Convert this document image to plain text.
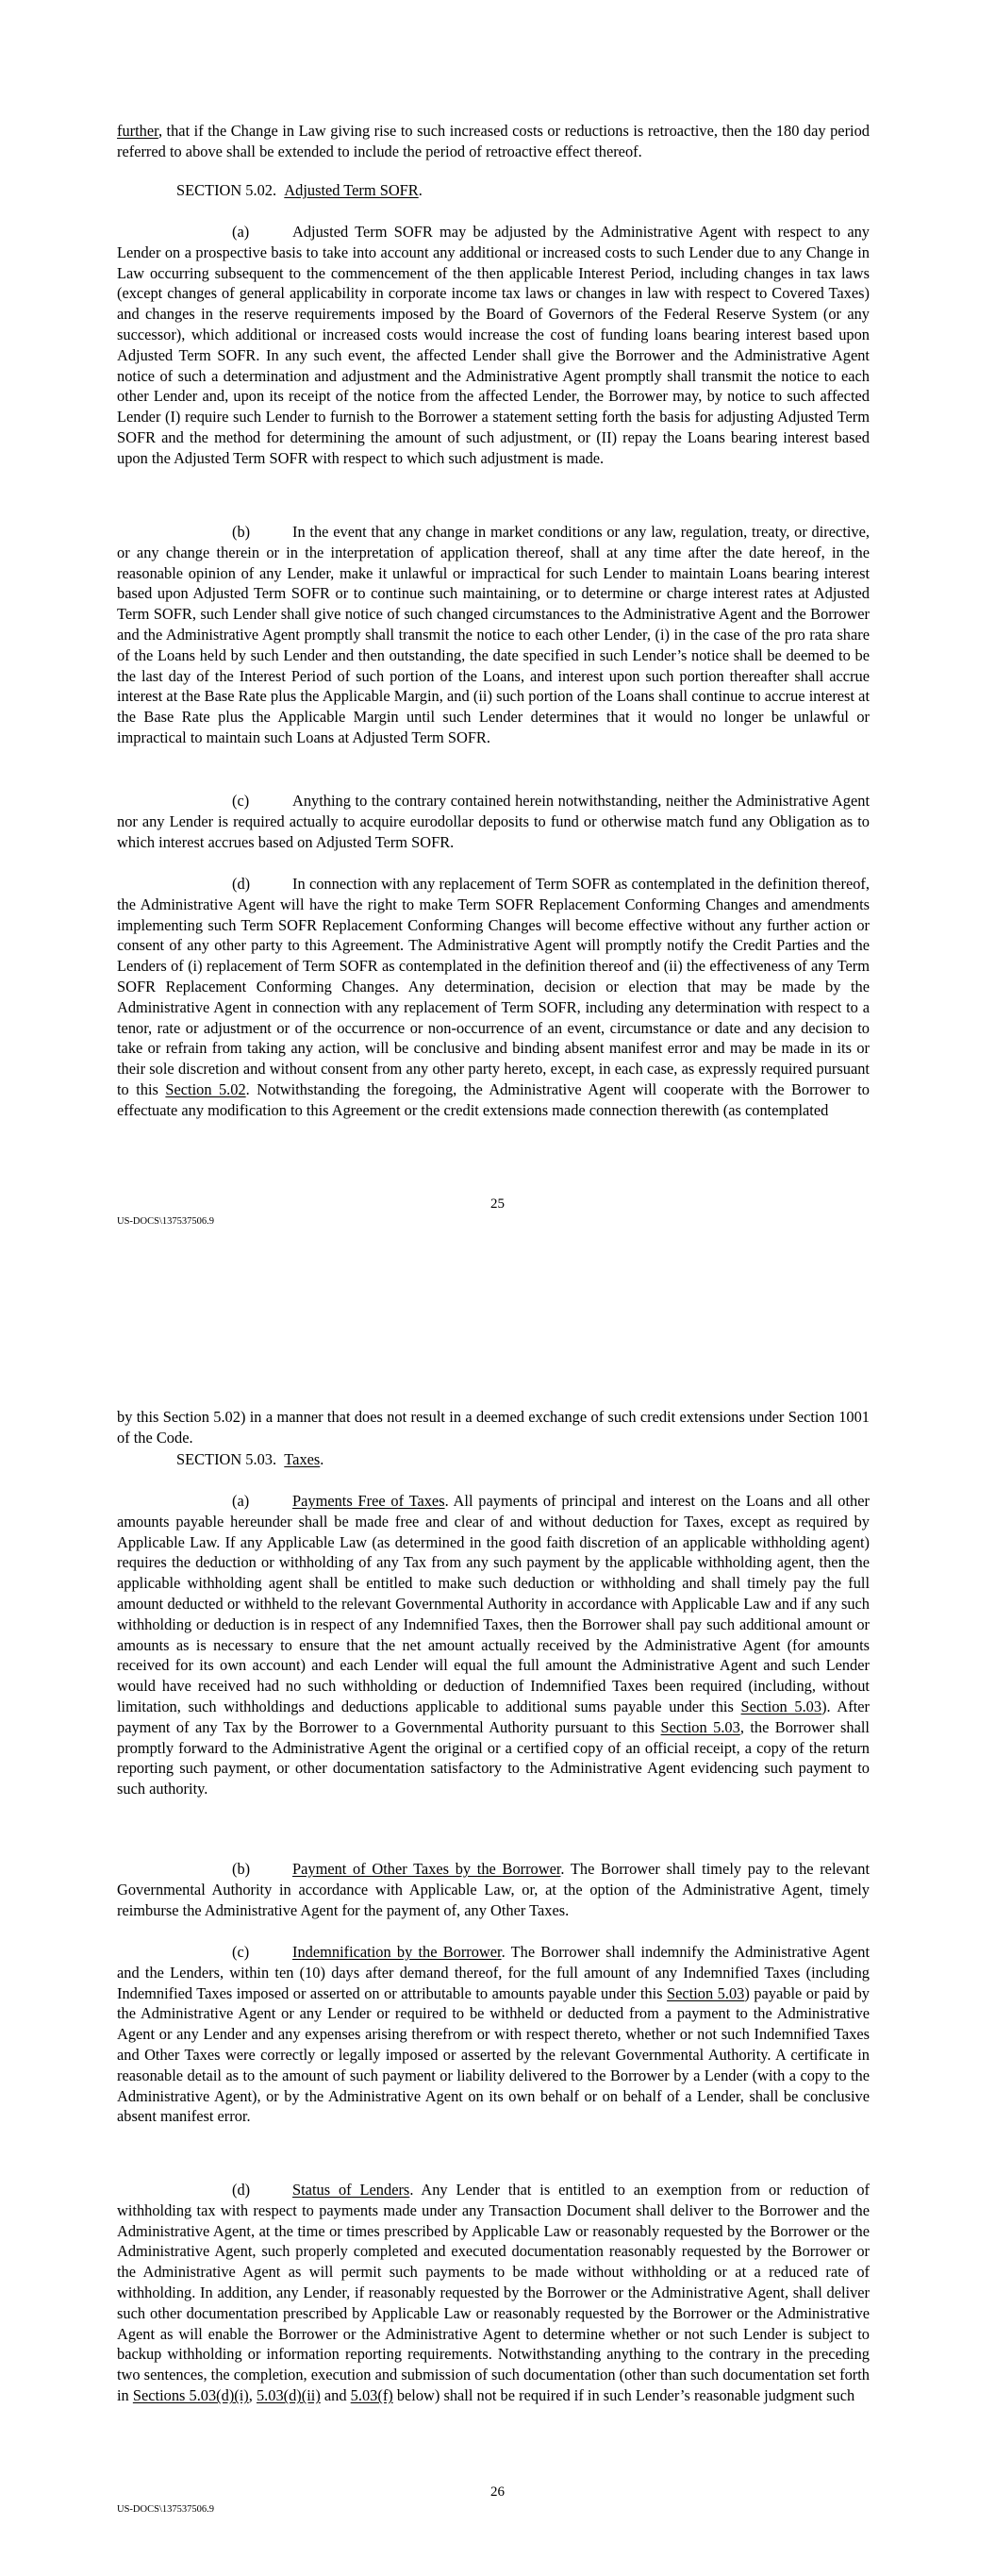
further, that if the Change in Law giving rise to such increased costs or reductions is retroactive, then the 180 day period referred to above shall be extended to include the period of retroactive effect thereof.

SECTION 5.02. Adjusted Term SOFR.

(a)	Adjusted Term SOFR may be adjusted by the Administrative Agent with respect to any Lender on a prospective basis to take into account any additional or increased costs to such Lender due to any Change in Law occurring subsequent to the commencement of the then applicable Interest Period, including changes in tax laws (except changes of general applicability in corporate income tax laws or changes in law with respect to Covered Taxes) and changes in the reserve requirements imposed by the Board of Governors of the Federal Reserve System (or any successor), which additional or increased costs would increase the cost of funding loans bearing interest based upon Adjusted Term SOFR. In any such event, the affected Lender shall give the Borrower and the Administrative Agent notice of such a determination and adjustment and the Administrative Agent promptly shall transmit the notice to each other Lender and, upon its receipt of the notice from the affected Lender, the Borrower may, by notice to such affected Lender (I) require such Lender to furnish to the Borrower a statement setting forth the basis for adjusting Adjusted Term SOFR and the method for determining the amount of such adjustment, or (II) repay the Loans bearing interest based upon the Adjusted Term SOFR with respect to which such adjustment is made.

(b)	In the event that any change in market conditions or any law, regulation, treaty, or directive, or any change therein or in the interpretation of application thereof, shall at any time after the date hereof, in the reasonable opinion of any Lender, make it unlawful or impractical for such Lender to maintain Loans bearing interest based upon Adjusted Term SOFR or to continue such maintaining, or to determine or charge interest rates at Adjusted Term SOFR, such Lender shall give notice of such changed circumstances to the Administrative Agent and the Borrower and the Administrative Agent promptly shall transmit the notice to each other Lender, (i) in the case of the pro rata share of the Loans held by such Lender and then outstanding, the date specified in such Lender’s notice shall be deemed to be the last day of the Interest Period of such portion of the Loans, and interest upon such portion thereafter shall accrue interest at the Base Rate plus the Applicable Margin, and (ii) such portion of the Loans shall continue to accrue interest at the Base Rate plus the Applicable Margin until such Lender determines that it would no longer be unlawful or impractical to maintain such Loans at Adjusted Term SOFR.

(c)	Anything to the contrary contained herein notwithstanding, neither the Administrative Agent nor any Lender is required actually to acquire eurodollar deposits to fund or otherwise match fund any Obligation as to which interest accrues based on Adjusted Term SOFR.

(d)	In connection with any replacement of Term SOFR as contemplated in the definition thereof, the Administrative Agent will have the right to make Term SOFR Replacement Conforming Changes and amendments implementing such Term SOFR Replacement Conforming Changes will become effective without any further action or consent of any other party to this Agreement. The Administrative Agent will promptly notify the Credit Parties and the Lenders of (i) replacement of Term SOFR as contemplated in the definition thereof and (ii) the effectiveness of any Term SOFR Replacement Conforming Changes. Any determination, decision or election that may be made by the Administrative Agent in connection with any replacement of Term SOFR, including any determination with respect to a tenor, rate or adjustment or of the occurrence or non-occurrence of an event, circumstance or date and any decision to take or refrain from taking any action, will be conclusive and binding absent manifest error and may be made in its or their sole discretion and without consent from any other party hereto, except, in each case, as expressly required pursuant to this Section 5.02. Notwithstanding the foregoing, the Administrative Agent will cooperate with the Borrower to effectuate any modification to this Agreement or the credit extensions made connection therewith (as contemplated

25
US-DOCS\137537506.9

by this Section 5.02) in a manner that does not result in a deemed exchange of such credit extensions under Section 1001 of the Code.

SECTION 5.03. Taxes.

(a)	Payments Free of Taxes. All payments of principal and interest on the Loans and all other amounts payable hereunder shall be made free and clear of and without deduction for Taxes, except as required by Applicable Law. If any Applicable Law (as determined in the good faith discretion of an applicable withholding agent) requires the deduction or withholding of any Tax from any such payment by the applicable withholding agent, then the applicable withholding agent shall be entitled to make such deduction or withholding and shall timely pay the full amount deducted or withheld to the relevant Governmental Authority in accordance with Applicable Law and if any such withholding or deduction is in respect of any Indemnified Taxes, then the Borrower shall pay such additional amount or amounts as is necessary to ensure that the net amount actually received by the Administrative Agent (for amounts received for its own account) and each Lender will equal the full amount the Administrative Agent and such Lender would have received had no such withholding or deduction of Indemnified Taxes been required (including, without limitation, such withholdings and deductions applicable to additional sums payable under this Section 5.03). After payment of any Tax by the Borrower to a Governmental Authority pursuant to this Section 5.03, the Borrower shall promptly forward to the Administrative Agent the original or a certified copy of an official receipt, a copy of the return reporting such payment, or other documentation satisfactory to the Administrative Agent evidencing such payment to such authority.

(b)	Payment of Other Taxes by the Borrower. The Borrower shall timely pay to the relevant Governmental Authority in accordance with Applicable Law, or, at the option of the Administrative Agent, timely reimburse the Administrative Agent for the payment of, any Other Taxes.

(c)	Indemnification by the Borrower. The Borrower shall indemnify the Administrative Agent and the Lenders, within ten (10) days after demand thereof, for the full amount of any Indemnified Taxes (including Indemnified Taxes imposed or asserted on or attributable to amounts payable under this Section 5.03) payable or paid by the Administrative Agent or any Lender or required to be withheld or deducted from a payment to the Administrative Agent or any Lender and any expenses arising therefrom or with respect thereto, whether or not such Indemnified Taxes and Other Taxes were correctly or legally imposed or asserted by the relevant Governmental Authority. A certificate in reasonable detail as to the amount of such payment or liability delivered to the Borrower by a Lender (with a copy to the Administrative Agent), or by the Administrative Agent on its own behalf or on behalf of a Lender, shall be conclusive absent manifest error.

(d)	Status of Lenders. Any Lender that is entitled to an exemption from or reduction of withholding tax with respect to payments made under any Transaction Document shall deliver to the Borrower and the Administrative Agent, at the time or times prescribed by Applicable Law or reasonably requested by the Borrower or the Administrative Agent, such properly completed and executed documentation reasonably requested by the Borrower or the Administrative Agent as will permit such payments to be made without withholding or at a reduced rate of withholding. In addition, any Lender, if reasonably requested by the Borrower or the Administrative Agent, shall deliver such other documentation prescribed by Applicable Law or reasonably requested by the Borrower or the Administrative Agent as will enable the Borrower or the Administrative Agent to determine whether or not such Lender is subject to backup withholding or information reporting requirements. Notwithstanding anything to the contrary in the preceding two sentences, the completion, execution and submission of such documentation (other than such documentation set forth in Sections 5.03(d)(i), 5.03(d)(ii) and 5.03(f) below) shall not be required if in such Lender’s reasonable judgment such

26
US-DOCS\137537506.9
